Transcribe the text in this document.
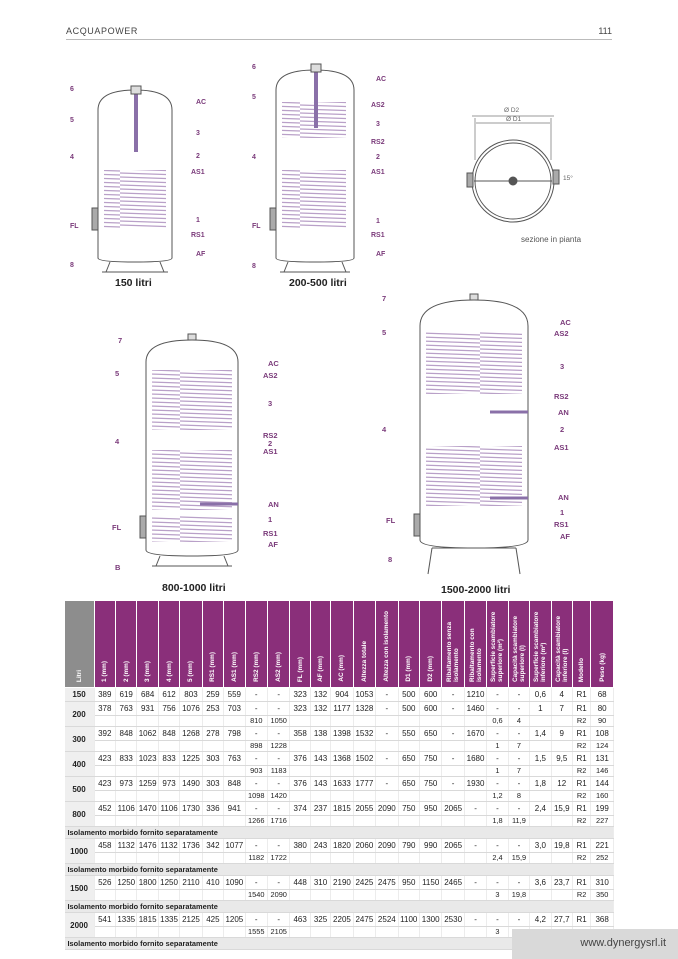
ACQUAPOWER	111
6
5
4
FL
8
AC
3
2
AS1
1
RS1
AF
6
5
4
FL
8
AC
AS2
3
RS2
2
AS1
1
RS1
AF
Ø D2
Ø D1
15°
7
5
4
FL
B
AC
AS2
3
RS2
2
AS1
AN
1
RS1
AF
7
5
4
FL
8
AC
AS2
3
RS2
AN
2
AS1
AN
1
RS1
AF
150 litri	200-500 litri
sezione in pianta
800-1000 litri	1500-2000 litri
Litri	1 (mm)	2 (mm)	3 (mm)	4 (mm)	5 (mm)	RS1 (mm)	AS1 (mm)	RS2 (mm)	AS2 (mm)	FL (mm)	AF (mm)	AC (mm)	Altezza totale	Altezza con isolamento	D1 (mm)	D2 (mm)	Ribaltamento senza isolamento	Ribaltamento con isolamento	Superficie scambiatore superiore (m²)	Capacità scambiatore superiore (l)	Superficie scambiatore inferiore (m²)	Capacità scambiatore inferiore (l)	Modello	Peso (kg)
150	389	619	684	612	803	259	559	-	-	323	132	904	1053	-	500	600	-	1210	-	-	0,6	4	R1	68
200	378	763	931	756	1076	253	703	-	-	323	132	1177	1328	-	500	600	-	1460	-	-	1	7	R1	80
								810	1050										0,6	4			R2	90
300	392	848	1062	848	1268	278	798	-	-	358	138	1398	1532	-	550	650	-	1670	-	-	1,4	9	R1	108
								898	1228										1	7			R2	124
400	423	833	1023	833	1225	303	763	-	-	376	143	1368	1502	-	650	750	-	1680	-	-	1,5	9,5	R1	131
								903	1183										1	7			R2	146
500	423	973	1259	973	1490	303	848	-	-	376	143	1633	1777	-	650	750	-	1930	-	-	1,8	12	R1	144
								1098	1420										1,2	8			R2	160
800	452	1106	1470	1106	1730	336	941	-	-	374	237	1815	2055	2090	750	950	2065	-	-	-	2,4	15,9	R1	199
								1266	1716										1,8	11,9			R2	227
Isolamento morbido fornito separatamente																								
1000	458	1132	1476	1132	1736	342	1077	-	-	380	243	1820	2060	2090	790	990	2065	-	-	-	3,0	19,8	R1	221
								1182	1722										2,4	15,9			R2	252
Isolamento morbido fornito separatamente																								
1500	526	1250	1800	1250	2110	410	1090	-	-	448	310	2190	2425	2475	950	1150	2465	-	-	-	3,6	23,7	R1	310
								1540	2090										3	19,8			R2	350
Isolamento morbido fornito separatamente																								
2000	541	1335	1815	1335	2125	425	1205	-	-	463	325	2205	2475	2524	1100	1300	2530	-	-	-	4,2	27,7	R1	368
								1555	2105										3					
Isolamento morbido fornito separatamente																									www.dynergysrl.it
